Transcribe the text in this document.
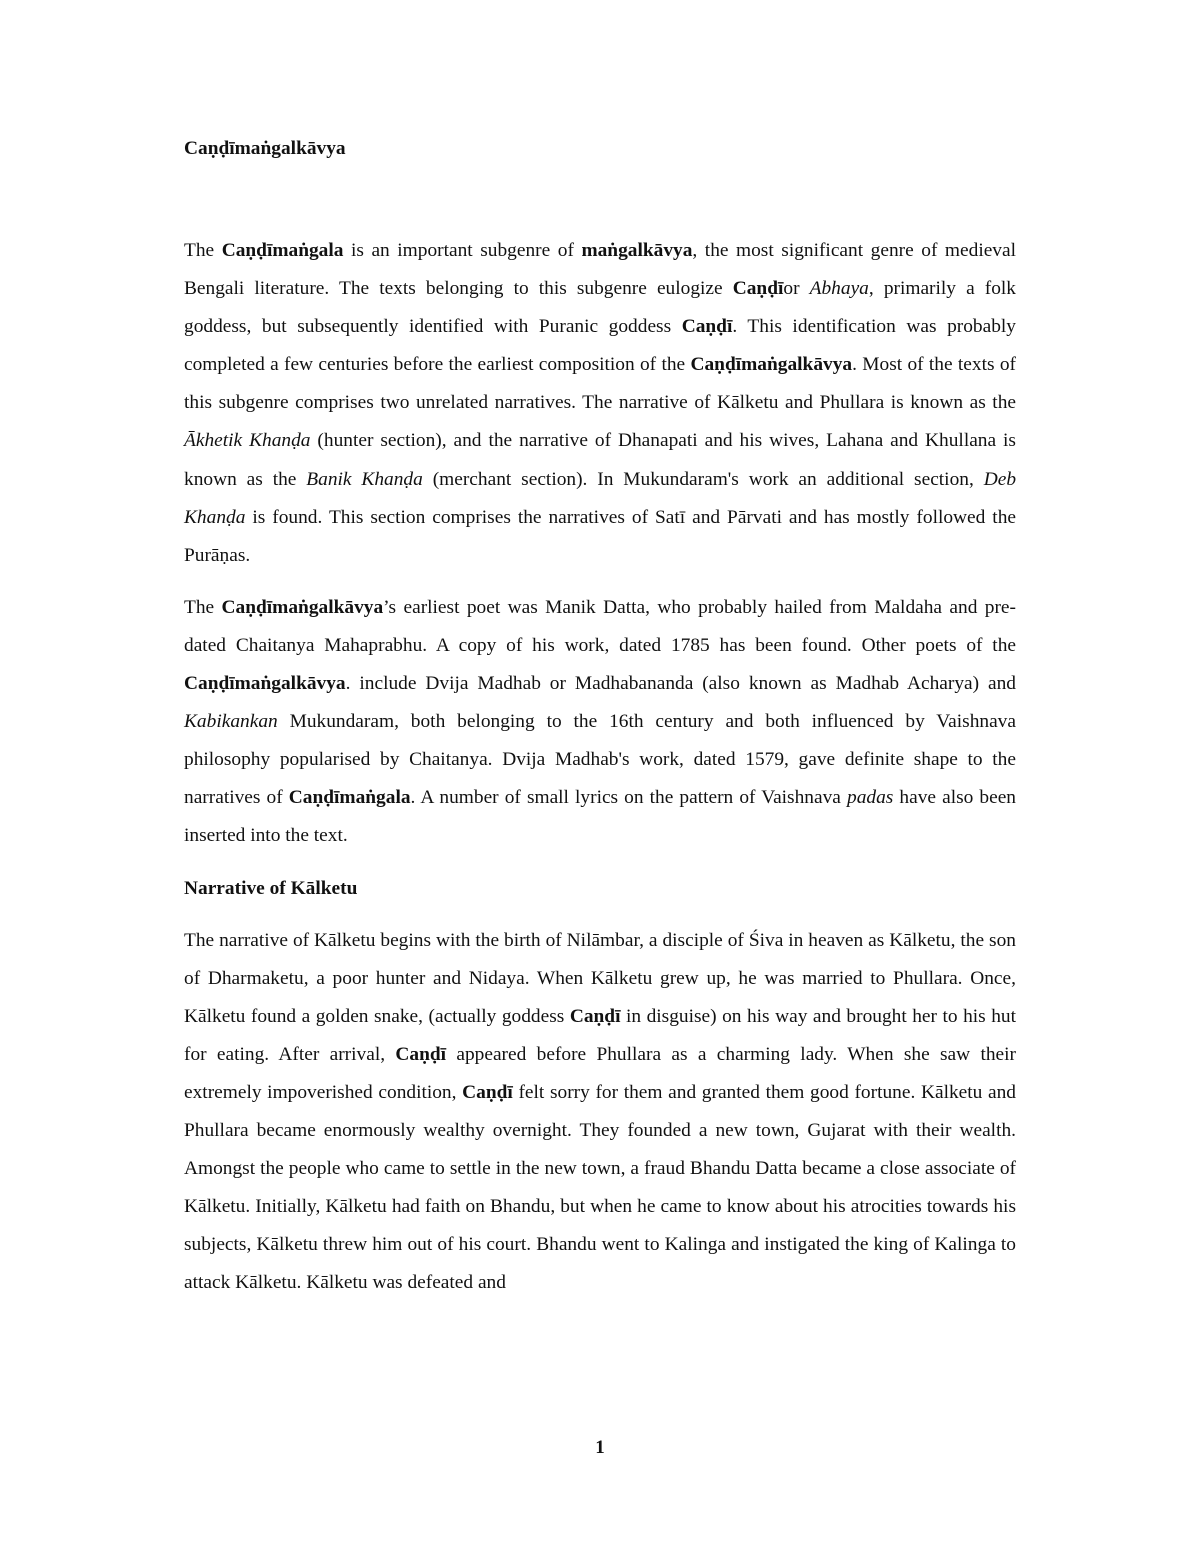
Caṇḍīmaṅgalkāvya

The Caṇḍīmaṅgala is an important subgenre of maṅgalkāvya, the most significant genre of medieval Bengali literature. The texts belonging to this subgenre eulogize Caṇḍīor Abhaya, primarily a folk goddess, but subsequently identified with Puranic goddess Caṇḍī. This identification was probably completed a few centuries before the earliest composition of the Caṇḍīmaṅgalkāvya. Most of the texts of this subgenre comprises two unrelated narratives. The narrative of Kālketu and Phullara is known as the Ākhetik Khanḍa (hunter section), and the narrative of Dhanapati and his wives, Lahana and Khullana is known as the Banik Khanḍa (merchant section). In Mukundaram's work an additional section, Deb Khanḍa is found. This section comprises the narratives of Satī and Pārvati and has mostly followed the Purāṇas.

The Caṇḍīmaṅgalkāvya’s earliest poet was Manik Datta, who probably hailed from Maldaha and pre-dated Chaitanya Mahaprabhu. A copy of his work, dated 1785 has been found. Other poets of the Caṇḍīmaṅgalkāvya. include Dvija Madhab or Madhabananda (also known as Madhab Acharya) and Kabikankan Mukundaram, both belonging to the 16th century and both influenced by Vaishnava philosophy popularised by Chaitanya. Dvija Madhab's work, dated 1579, gave definite shape to the narratives of Caṇḍīmaṅgala. A number of small lyrics on the pattern of Vaishnava padas have also been inserted into the text.

Narrative of Kālketu

The narrative of Kālketu begins with the birth of Nilāmbar, a disciple of Śiva in heaven as Kālketu, the son of Dharmaketu, a poor hunter and Nidaya. When Kālketu grew up, he was married to Phullara. Once, Kālketu found a golden snake, (actually goddess Caṇḍī in disguise) on his way and brought her to his hut for eating. After arrival, Caṇḍī appeared before Phullara as a charming lady. When she saw their extremely impoverished condition, Caṇḍī felt sorry for them and granted them good fortune. Kālketu and Phullara became enormously wealthy overnight. They founded a new town, Gujarat with their wealth. Amongst the people who came to settle in the new town, a fraud Bhandu Datta became a close associate of Kālketu. Initially, Kālketu had faith on Bhandu, but when he came to know about his atrocities towards his subjects, Kālketu threw him out of his court. Bhandu went to Kalinga and instigated the king of Kalinga to attack Kālketu. Kālketu was defeated and

1
